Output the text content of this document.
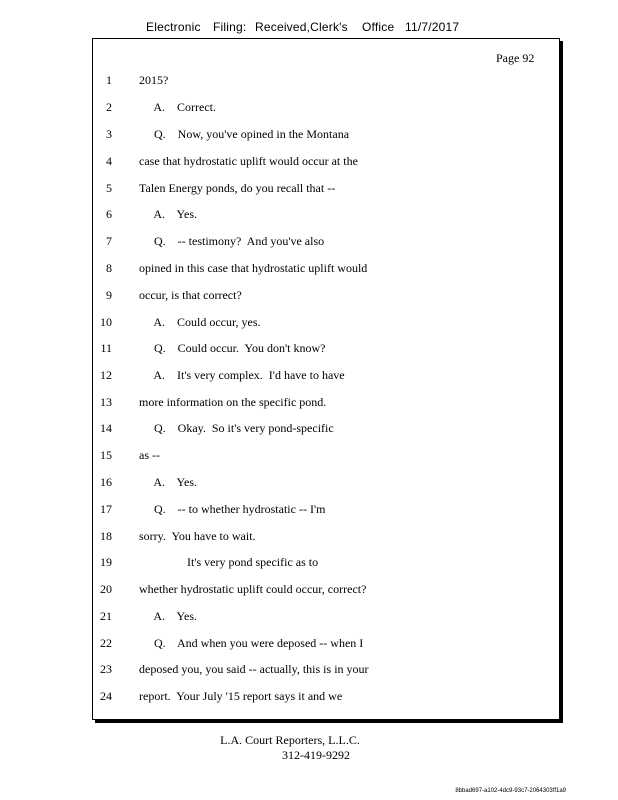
Electronic Filing: Received,Clerk's Office 11/7/2017
Page 92
1 2015?
2 A.    Correct.
3 Q.    Now, you've opined in the Montana
4 case that hydrostatic uplift would occur at the
5 Talen Energy ponds, do you recall that --
6 A.    Yes.
7 Q.    -- testimony?  And you've also
8 opined in this case that hydrostatic uplift would
9 occur, is that correct?
10 A.    Could occur, yes.
11 Q.    Could occur.  You don't know?
12 A.    It's very complex.  I'd have to have
13 more information on the specific pond.
14 Q.    Okay.  So it's very pond-specific
15 as --
16 A.    Yes.
17 Q.    -- to whether hydrostatic -- I'm
18 sorry.  You have to wait.
19 It's very pond specific as to
20 whether hydrostatic uplift could occur, correct?
21 A.    Yes.
22 Q.    And when you were deposed -- when I
23 deposed you, you said -- actually, this is in your
24 report.  Your July '15 report says it and we
L.A. Court Reporters, L.L.C.
312-419-9292
8bbad697-a102-4dc9-93c7-2064303ff1a9
